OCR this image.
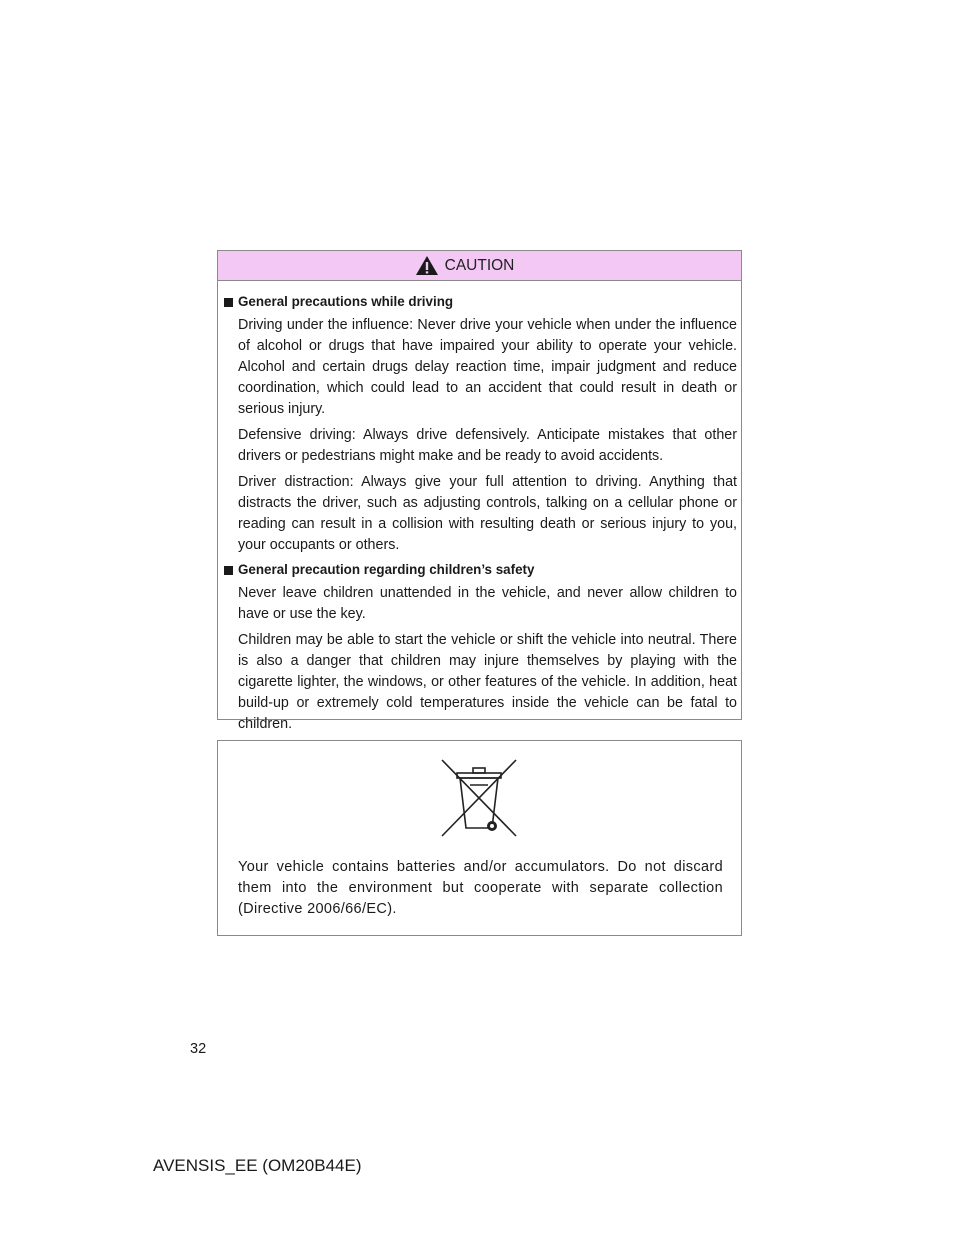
CAUTION
General precautions while driving

Driving under the influence: Never drive your vehicle when under the influence of alcohol or drugs that have impaired your ability to operate your vehicle. Alcohol and certain drugs delay reaction time, impair judgment and reduce coordination, which could lead to an accident that could result in death or serious injury.

Defensive driving: Always drive defensively. Anticipate mistakes that other drivers or pedestrians might make and be ready to avoid accidents.

Driver distraction: Always give your full attention to driving. Anything that distracts the driver, such as adjusting controls, talking on a cellular phone or reading can result in a collision with resulting death or serious injury to you, your occupants or others.

General precaution regarding children’s safety

Never leave children unattended in the vehicle, and never allow children to have or use the key.

Children may be able to start the vehicle or shift the vehicle into neutral. There is also a danger that children may injure themselves by playing with the cigarette lighter, the windows, or other features of the vehicle. In addition, heat build-up or extremely cold temperatures inside the vehicle can be fatal to children.

Your vehicle contains batteries and/or accumulators. Do not discard them into the environment but cooperate with separate collection (Directive 2006/66/EC).
32
AVENSIS_EE (OM20B44E)
